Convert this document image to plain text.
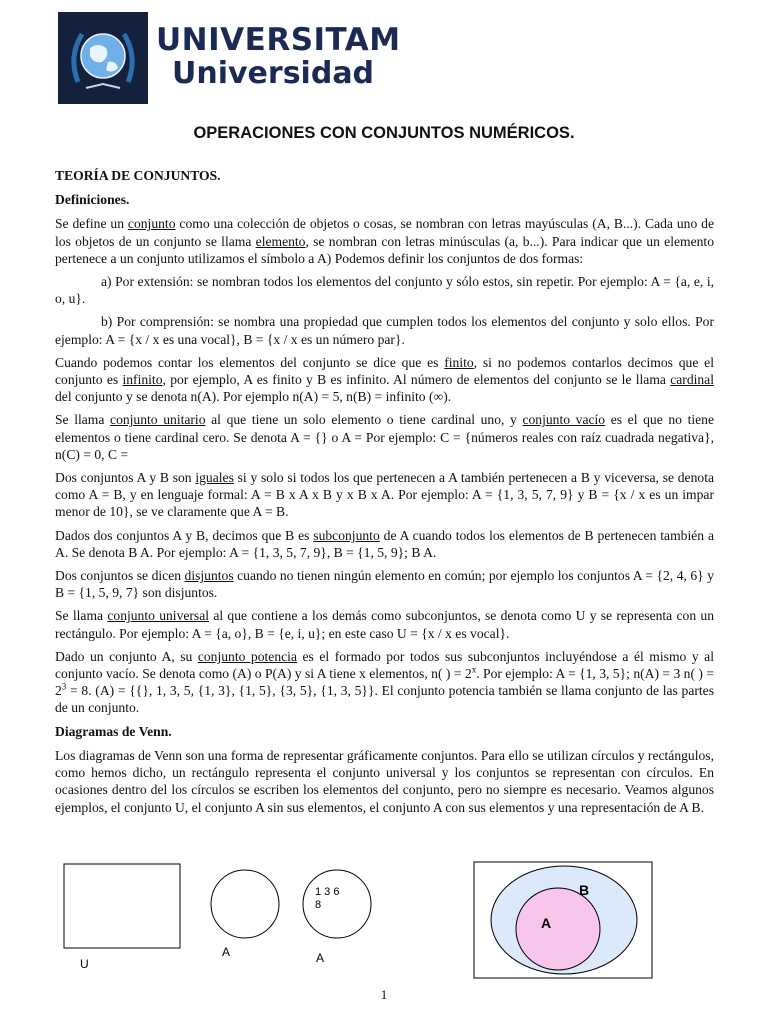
UNIVERSITAM
Universidad
OPERACIONES CON CONJUNTOS NUMÉRICOS.
TEORÍA DE CONJUNTOS.
Definiciones.

Se define un conjunto como una colección de objetos o cosas, se nombran con letras mayúsculas (A, B...). Cada uno de los objetos de un conjunto se llama elemento, se nombran con letras minúsculas (a, b...). Para indicar que un elemento pertenece a un conjunto utilizamos el símbolo a A) Podemos definir los conjuntos de dos formas:

a) Por extensión: se nombran todos los elementos del conjunto y sólo estos, sin repetir. Por ejemplo: A = {a, e, i, o, u}.

b) Por comprensión: se nombra una propiedad que cumplen todos los elementos del conjunto y solo ellos. Por ejemplo: A = {x / x es una vocal}, B = {x / x es un número par}.

Cuando podemos contar los elementos del conjunto se dice que es finito, si no podemos contarlos decimos que el conjunto es infinito, por ejemplo, A es finito y B es infinito. Al número de elementos del conjunto se le llama cardinal del conjunto y se denota n(A). Por ejemplo n(A) = 5, n(B) = infinito (∞).

Se llama conjunto unitario al que tiene un solo elemento o tiene cardinal uno, y conjunto vacío es el que no tiene elementos o tiene cardinal cero. Se denota A = {} o A = Por ejemplo: C = {números reales con raíz cuadrada negativa}, n(C) = 0, C =

Dos conjuntos A y B son iguales si y solo si todos los que pertenecen a A también pertenecen a B y viceversa, se denota como A = B, y en lenguaje formal: A = B x A x B y x B x A. Por ejemplo: A = {1, 3, 5, 7, 9} y B = {x / x es un impar menor de 10}, se ve claramente que A = B.

Dados dos conjuntos A y B, decimos que B es subconjunto de A cuando todos los elementos de B pertenecen también a A. Se denota B A. Por ejemplo: A = {1, 3, 5, 7, 9}, B = {1, 5, 9}; B A.

Dos conjuntos se dicen disjuntos cuando no tienen ningún elemento en común; por ejemplo los conjuntos A = {2, 4, 6} y B = {1, 5, 9, 7} son disjuntos.

Se llama conjunto universal al que contiene a los demás como subconjuntos, se denota como U y se representa con un rectángulo. Por ejemplo: A = {a, o}, B = {e, i, u}; en este caso U = {x / x es vocal}.

Dado un conjunto A, su conjunto potencia es el formado por todos sus subconjuntos incluyéndose a él mismo y al conjunto vacío. Se denota como (A) o P(A) y si A tiene x elementos, n( ) = $2^x$. Por ejemplo: A = {1, 3, 5}; n(A) = 3 n( ) = $2^3 = 8$. (A) = {{}, 1, 3, 5, {1, 3}, {1, 5}, {3, 5}, {1, 3, 5}}. El conjunto potencia también se llama conjunto de las partes de un conjunto.

Diagramas de Venn.

Los diagramas de Venn son una forma de representar gráficamente conjuntos. Para ello se utilizan círculos y rectángulos, como hemos dicho, un rectángulo representa el conjunto universal y los conjuntos se representan con círculos. En ocasiones dentro del los círculos se escriben los elementos del conjunto, pero no siempre es necesario. Veamos algunos ejemplos, el conjunto U, el conjunto A sin sus elementos, el conjunto A con sus elementos y una representación de A B.

U
A
1 3 6
8
A
B
A
1
